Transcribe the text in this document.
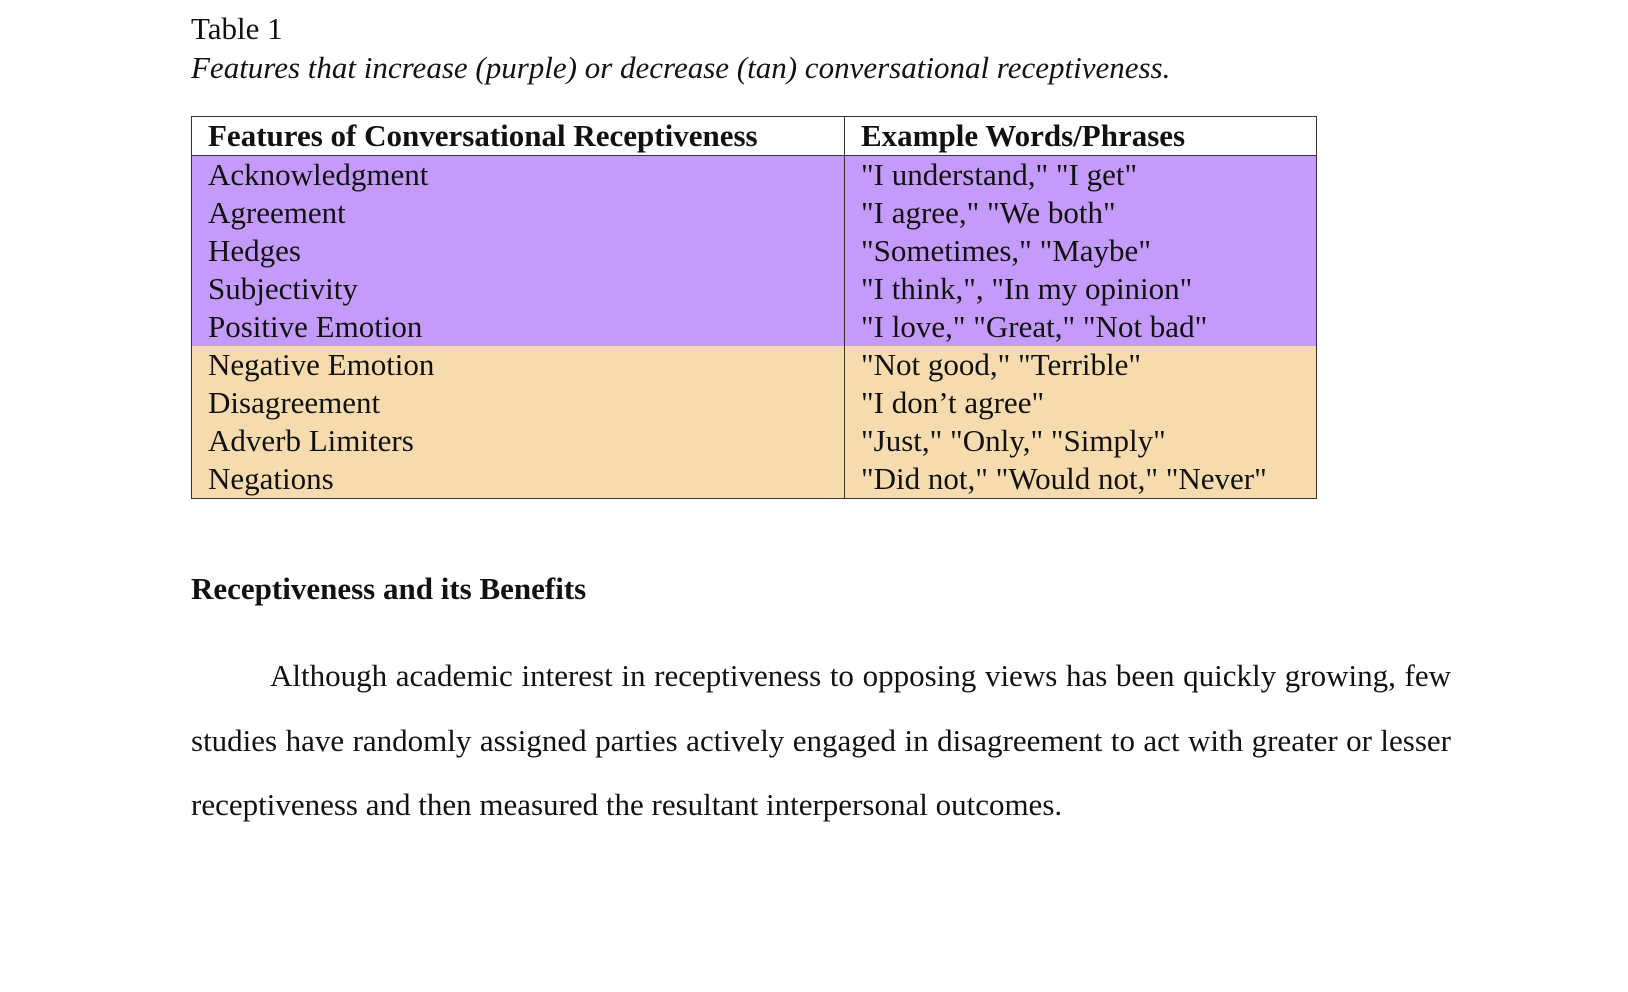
Table 1
Features that increase (purple) or decrease (tan) conversational receptiveness.
Features of Conversational Receptiveness	Example Words/Phrases
Acknowledgment	"I understand," "I get"
Agreement	"I agree," "We both"
Hedges	"Sometimes," "Maybe"
Subjectivity	"I think,", "In my opinion"
Positive Emotion	"I love," "Great," "Not bad"
Negative Emotion	"Not good," "Terrible"
Disagreement	"I don’t agree"
Adverb Limiters	"Just," "Only," "Simply"
Negations	"Did not," "Would not," "Never"
Receptiveness and its Benefits

Although academic interest in receptiveness to opposing views has been quickly growing, few studies have randomly assigned parties actively engaged in disagreement to act with greater or lesser receptiveness and then measured the resultant interpersonal outcomes.
